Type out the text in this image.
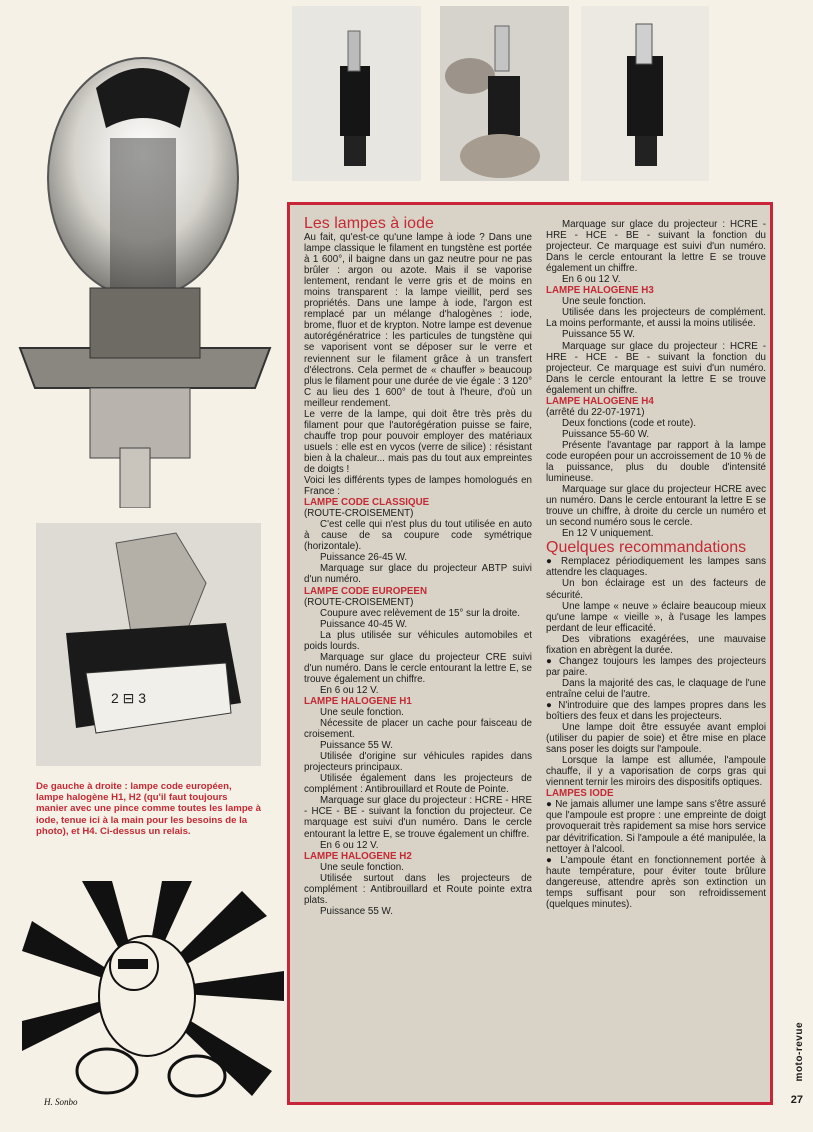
2 ⊟ 3
De gauche à droite : lampe code européen, lampe halogène H1, H2 (qu'il faut toujours manier avec une pince comme toutes les lampe à iode, tenue ici à la main pour les besoins de la photo), et H4. Ci-dessus un relais.
H. Sonbo

Les lampes à iode

Au fait, qu'est-ce qu'une lampe à iode ? Dans une lampe classique le filament en tungstène est portée à 1 600°, il baigne dans un gaz neutre pour ne pas brûler : argon ou azote. Mais il se vaporise lentement, rendant le verre gris et de moins en moins transparent : la lampe vieillit, perd ses propriétés. Dans une lampe à iode, l'argon est remplacé par un mélange d'halogènes : iode, brome, fluor et de krypton. Notre lampe est devenue autorégénératrice : les particules de tungstène qui se vaporisent vont se déposer sur le verre et reviennent sur le filament grâce à un transfert d'électrons. Cela permet de « chauffer » beaucoup plus le filament pour une durée de vie égale : 3 120° C au lieu des 1 600° de tout à l'heure, d'où un meilleur rendement.

Le verre de la lampe, qui doit être très près du filament pour que l'autorégération puisse se faire, chauffe trop pour pouvoir employer des matériaux usuels : elle est en vycos (verre de silice) : résistant bien à la chaleur... mais pas du tout aux empreintes de doigts !

Voici les différents types de lampes homologués en France :

LAMPE CODE CLASSIQUE

(ROUTE-CROISEMENT)

C'est celle qui n'est plus du tout utilisée en auto à cause de sa coupure code symétrique (horizontale).

Puissance 26-45 W.

Marquage sur glace du projecteur ABTP suivi d'un numéro.

LAMPE CODE EUROPEEN

(ROUTE-CROISEMENT)

Coupure avec relèvement de 15° sur la droite.

Puissance 40-45 W.

La plus utilisée sur véhicules automobiles et poids lourds.

Marquage sur glace du projecteur CRE suivi d'un numéro. Dans le cercle entourant la lettre E, se trouve également un chiffre.

En 6 ou 12 V.

LAMPE HALOGENE H1

Une seule fonction.

Nécessite de placer un cache pour faisceau de croisement.

Puissance 55 W.

Utilisée d'origine sur véhicules rapides dans projecteurs principaux.

Utilisée également dans les projecteurs de complément : Antibrouillard et Route de Pointe.

Marquage sur glace du projecteur : HCRE - HRE - HCE - BE - suivant la fonction du projecteur. Ce marquage est suivi d'un numéro. Dans le cercle entourant la lettre E, se trouve également un chiffre.

En 6 ou 12 V.

LAMPE HALOGENE H2

Une seule fonction.

Utilisée surtout dans les projecteurs de complément : Antibrouillard et Route pointe extra plats.

Puissance 55 W.

Marquage sur glace du projecteur : HCRE - HRE - HCE - BE - suivant la fonction du projecteur. Ce marquage est suivi d'un numéro. Dans le cercle entourant la lettre E se trouve également un chiffre.

En 6 ou 12 V.

LAMPE HALOGENE H3

Une seule fonction.

Utilisée dans les projecteurs de complément. La moins performante, et aussi la moins utilisée.

Puissance 55 W.

Marquage sur glace du projecteur : HCRE -HRE - HCE - BE - suivant la fonction du projecteur. Ce marquage est suivi d'un numéro. Dans le cercle entourant la lettre E se trouve également un chiffre.

LAMPE HALOGENE H4

(arrêté du 22-07-1971)

Deux fonctions (code et route).

Puissance 55-60 W.

Présente l'avantage par rapport à la lampe code européen pour un accroissement de 10 % de la puissance, plus du double d'intensité lumineuse.

Marquage sur glace du projecteur HCRE avec un numéro. Dans le cercle entourant la lettre E se trouve un chiffre, à droite du cercle un numéro et un second numéro sous le cercle.

En 12 V uniquement.

Quelques recommandations

● Remplacez périodiquement les lampes sans attendre les claquages.

Un bon éclairage est un des facteurs de sécurité.

Une lampe « neuve » éclaire beaucoup mieux qu'une lampe « vieille », à l'usage les lampes perdant de leur efficacité.

Des vibrations exagérées, une mauvaise fixation en abrègent la durée.

● Changez toujours les lampes des projecteurs par paire.

Dans la majorité des cas, le claquage de l'une entraîne celui de l'autre.

● N'introduire que des lampes propres dans les boîtiers des feux et dans les projecteurs.

Une lampe doit être essuyée avant emploi (utiliser du papier de soie) et être mise en place sans poser les doigts sur l'ampoule.

Lorsque la lampe est allumée, l'ampoule chauffe, il y a vaporisation de corps gras qui viennent ternir les miroirs des dispositifs optiques.

LAMPES IODE

● Ne jamais allumer une lampe sans s'être assuré que l'ampoule est propre : une empreinte de doigt provoquerait très rapidement sa mise hors service par dévitrification. Si l'ampoule a été manipulée, la nettoyer à l'alcool.

● L'ampoule étant en fonctionnement portée à haute température, pour éviter toute brûlure dangereuse, attendre après son extinction un temps suffisant pour son refroidissement (quelques minutes).

moto-revue
27
